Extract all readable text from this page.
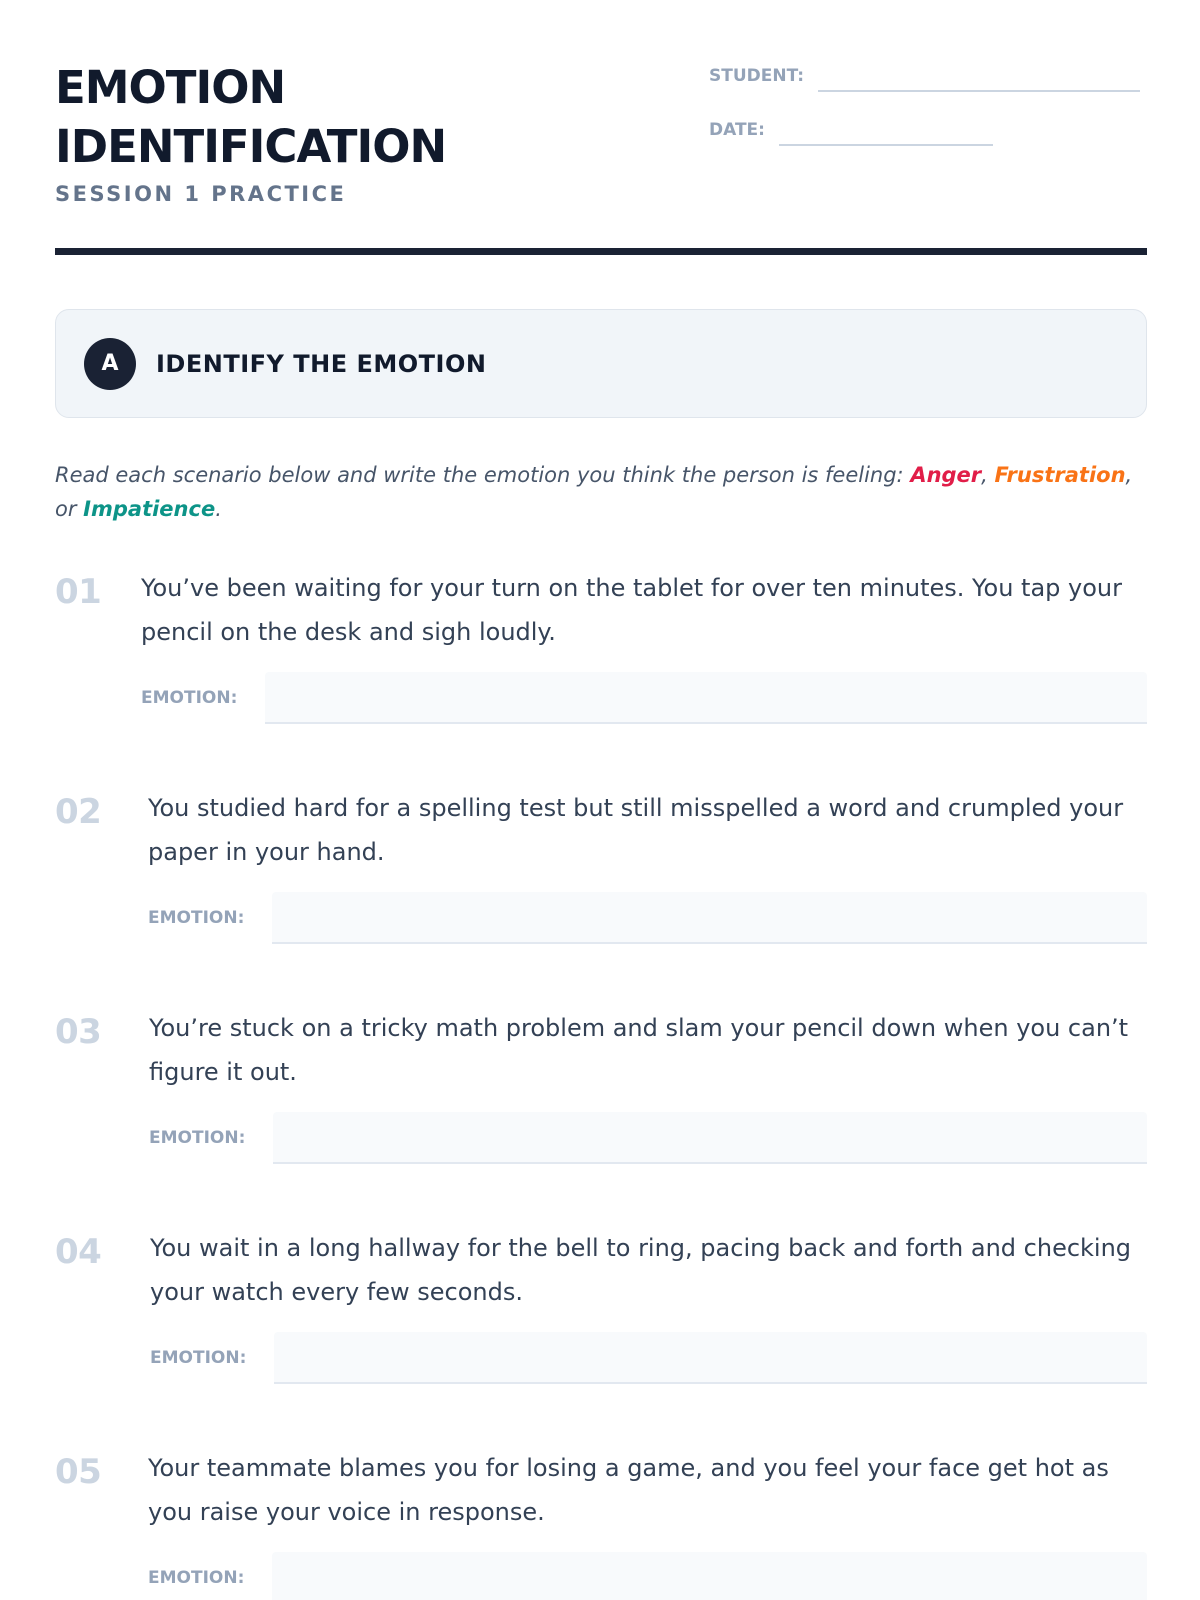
EMOTION
IDENTIFICATION
SESSION 1 PRACTICE
STUDENT:
DATE:
A	IDENTIFY THE EMOTION
Read each scenario below and write the emotion you think the person is feeling: Anger, Frustration, or Impatience.
01 You’ve been waiting for your turn on the tablet for over ten minutes. You tap your pencil on the desk and sigh loudly.
EMOTION:
02 You studied hard for a spelling test but still misspelled a word and crumpled your paper in your hand.
EMOTION:
03 You’re stuck on a tricky math problem and slam your pencil down when you can’t figure it out.
EMOTION:
04 You wait in a long hallway for the bell to ring, pacing back and forth and checking your watch every few seconds.
EMOTION:
05 Your teammate blames you for losing a game, and you feel your face get hot as you raise your voice in response.
EMOTION:
